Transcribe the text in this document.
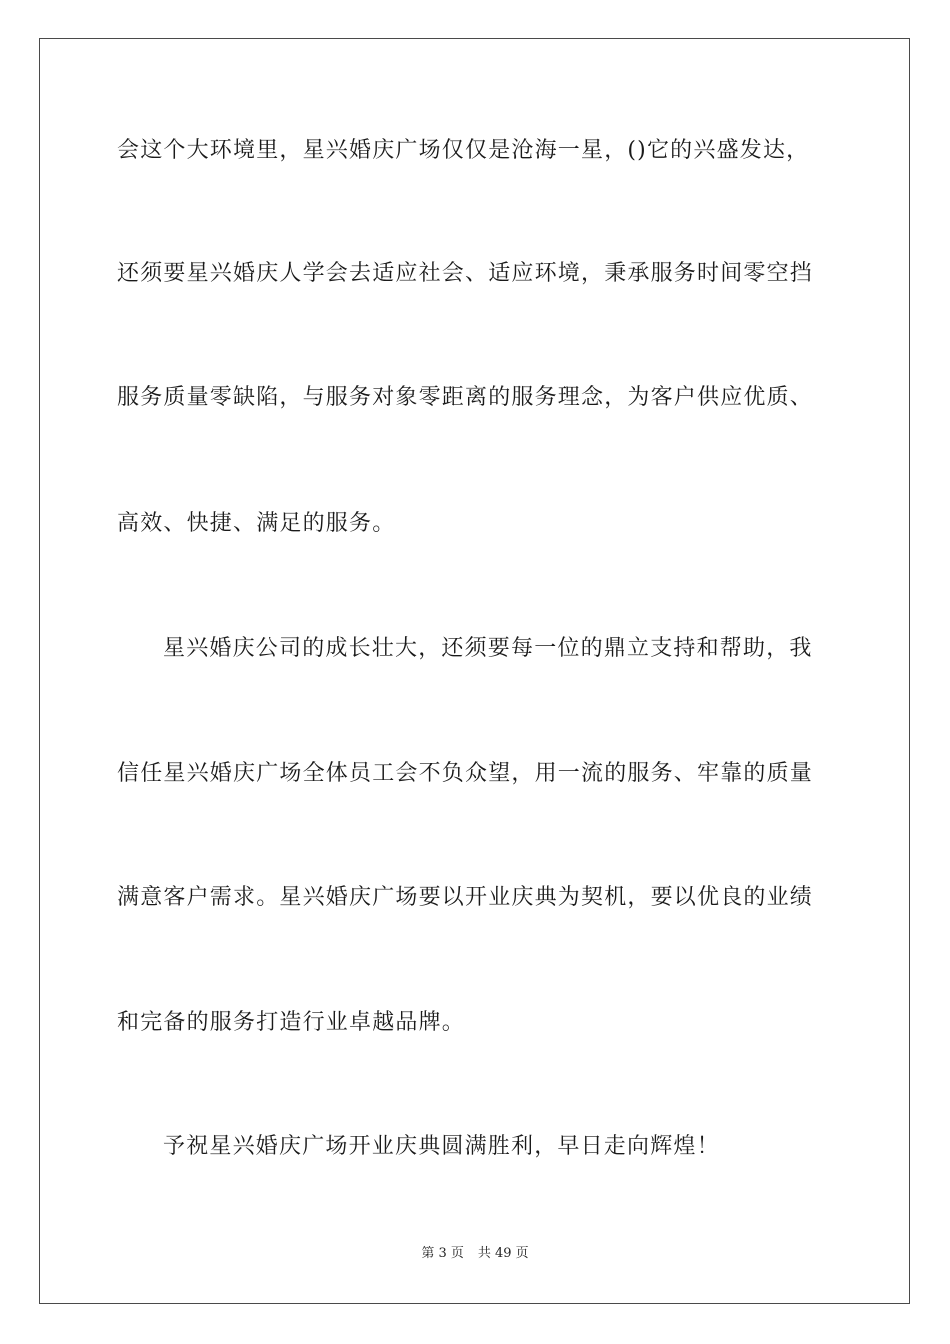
会这个大环境里，星兴婚庆广场仅仅是沧海一星，()它的兴盛发达，
还须要星兴婚庆人学会去适应社会、适应环境，秉承服务时间零空挡
服务质量零缺陷，与服务对象零距离的服务理念，为客户供应优质、
高效、快捷、满足的服务。
星兴婚庆公司的成长壮大，还须要每一位的鼎立支持和帮助，我
信任星兴婚庆广场全体员工会不负众望，用一流的服务、牢靠的质量
满意客户需求。星兴婚庆广场要以开业庆典为契机，要以优良的业绩
和完备的服务打造行业卓越品牌。
予祝星兴婚庆广场开业庆典圆满胜利，早日走向辉煌！
第 3 页 共 49 页
